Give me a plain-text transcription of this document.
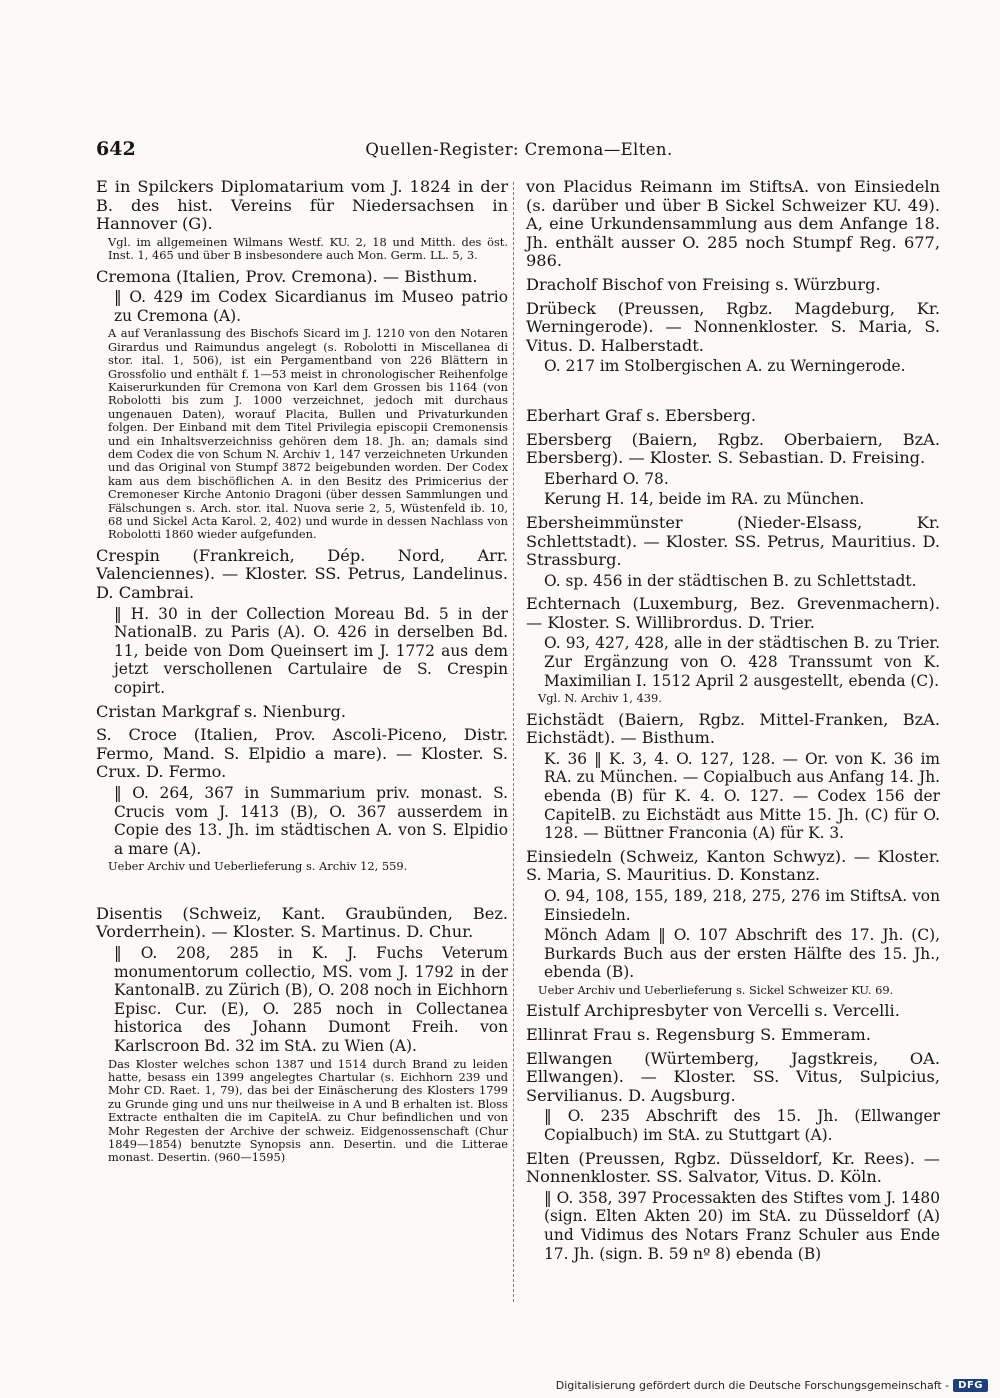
642	Quellen-Register: Cremona—Elten.
E in Spilckers Diplomatarium vom J. 1824 in der B. des hist. Vereins für Niedersachsen in Hannover (G).
Vgl. im allgemeinen Wilmans Westf. KU. 2, 18 und Mitth. des öst. Inst. 1, 465 und über B insbesondere auch Mon. Germ. LL. 5, 3.
Cremona (Italien, Prov. Cremona). — Bisthum.
‖ O. 429 im Codex Sicardianus im Museo patrio zu Cremona (A).
A auf Veranlassung des Bischofs Sicard im J. 1210 von den Notaren Girardus und Raimundus angelegt (s. Robolotti in Miscellanea di stor. ital. 1, 506), ist ein Pergamentband von 226 Blättern in Grossfolio und enthält f. 1—53 meist in chronologischer Reihenfolge Kaiserurkunden für Cremona von Karl dem Grossen bis 1164 (von Robolotti bis zum J. 1000 verzeichnet, jedoch mit durchaus ungenauen Daten), worauf Placita, Bullen und Privaturkunden folgen. Der Einband mit dem Titel Privilegia episcopii Cremonensis und ein Inhaltsverzeichniss gehören dem 18. Jh. an; damals sind dem Codex die von Schum N. Archiv 1, 147 verzeichneten Urkunden und das Original von Stumpf 3872 beigebunden worden. Der Codex kam aus dem bischöflichen A. in den Besitz des Primicerius der Cremoneser Kirche Antonio Dragoni (über dessen Sammlungen und Fälschungen s. Arch. stor. ital. Nuova serie 2, 5, Wüstenfeld ib. 10, 68 und Sickel Acta Karol. 2, 402) und wurde in dessen Nachlass von Robolotti 1860 wieder aufgefunden.
Crespin (Frankreich, Dép. Nord, Arr. Valenciennes). — Kloster. SS. Petrus, Landelinus. D. Cambrai.
‖ H. 30 in der Collection Moreau Bd. 5 in der NationalB. zu Paris (A). O. 426 in derselben Bd. 11, beide von Dom Queinsert im J. 1772 aus dem jetzt verschollenen Cartulaire de S. Crespin copirt.
Cristan Markgraf s. Nienburg.
S. Croce (Italien, Prov. Ascoli-Piceno, Distr. Fermo, Mand. S. Elpidio a mare). — Kloster. S. Crux. D. Fermo.
‖ O. 264, 367 in Summarium priv. monast. S. Crucis vom J. 1413 (B), O. 367 ausserdem in Copie des 13. Jh. im städtischen A. von S. Elpidio a mare (A).
Ueber Archiv und Ueberlieferung s. Archiv 12, 559.
Disentis (Schweiz, Kant. Graubünden, Bez. Vorderrhein). — Kloster. S. Martinus. D. Chur.
‖ O. 208, 285 in K. J. Fuchs Veterum monumentorum collectio, MS. vom J. 1792 in der KantonalB. zu Zürich (B), O. 208 noch in Eichhorn Episc. Cur. (E), O. 285 noch in Collectanea historica des Johann Dumont Freih. von Karlscroon Bd. 32 im StA. zu Wien (A).
Das Kloster welches schon 1387 und 1514 durch Brand zu leiden hatte, besass ein 1399 angelegtes Chartular (s. Eichhorn 239 und Mohr CD. Raet. 1, 79), das bei der Einäscherung des Klosters 1799 zu Grunde ging und uns nur theilweise in A und B erhalten ist. Bloss Extracte enthalten die im CapitelA. zu Chur befindlichen und von Mohr Regesten der Archive der schweiz. Eidgenossenschaft (Chur 1849—1854) benutzte Synopsis ann. Desertin. und die Litterae monast. Desertin. (960—1595)
von Placidus Reimann im StiftsA. von Einsiedeln (s. darüber und über B Sickel Schweizer KU. 49). A, eine Urkundensammlung aus dem Anfange 18. Jh. enthält ausser O. 285 noch Stumpf Reg. 677, 986.
Dracholf Bischof von Freising s. Würzburg.
Drübeck (Preussen, Rgbz. Magdeburg, Kr. Werningerode). — Nonnenkloster. S. Maria, S. Vitus. D. Halberstadt.
O. 217 im Stolbergischen A. zu Werningerode.
Eberhart Graf s. Ebersberg.
Ebersberg (Baiern, Rgbz. Oberbaiern, BzA. Ebersberg). — Kloster. S. Sebastian. D. Freising.
Eberhard O. 78.
Kerung H. 14, beide im RA. zu München.
Ebersheimmünster (Nieder-Elsass, Kr. Schlettstadt). — Kloster. SS. Petrus, Mauritius. D. Strassburg.
O. sp. 456 in der städtischen B. zu Schlettstadt.
Echternach (Luxemburg, Bez. Grevenmachern). — Kloster. S. Willibrordus. D. Trier.
O. 93, 427, 428, alle in der städtischen B. zu Trier. Zur Ergänzung von O. 428 Transsumt von K. Maximilian I. 1512 April 2 ausgestellt, ebenda (C).
Vgl. N. Archiv 1, 439.
Eichstädt (Baiern, Rgbz. Mittel-Franken, BzA. Eichstädt). — Bisthum.
K. 36 ‖ K. 3, 4. O. 127, 128. — Or. von K. 36 im RA. zu München. — Copialbuch aus Anfang 14. Jh. ebenda (B) für K. 4. O. 127. — Codex 156 der CapitelB. zu Eichstädt aus Mitte 15. Jh. (C) für O. 128. — Büttner Franconia (A) für K. 3.
Einsiedeln (Schweiz, Kanton Schwyz). — Kloster. S. Maria, S. Mauritius. D. Konstanz.
O. 94, 108, 155, 189, 218, 275, 276 im StiftsA. von Einsiedeln.
Mönch Adam ‖ O. 107 Abschrift des 17. Jh. (C), Burkards Buch aus der ersten Hälfte des 15. Jh., ebenda (B).
Ueber Archiv und Ueberlieferung s. Sickel Schweizer KU. 69.
Eistulf Archipresbyter von Vercelli s. Vercelli.
Ellinrat Frau s. Regensburg S. Emmeram.
Ellwangen (Würtemberg, Jagstkreis, OA. Ellwangen). — Kloster. SS. Vitus, Sulpicius, Servilianus. D. Augsburg.
‖ O. 235 Abschrift des 15. Jh. (Ellwanger Copialbuch) im StA. zu Stuttgart (A).
Elten (Preussen, Rgbz. Düsseldorf, Kr. Rees). — Nonnenkloster. SS. Salvator, Vitus. D. Köln.
‖ O. 358, 397 Processakten des Stiftes vom J. 1480 (sign. Elten Akten 20) im StA. zu Düsseldorf (A) und Vidimus des Notars Franz Schuler aus Ende 17. Jh. (sign. B. 59 nº 8) ebenda (B)
Digitalisierung gefördert durch die Deutsche Forschungsgemeinschaft - DFG
